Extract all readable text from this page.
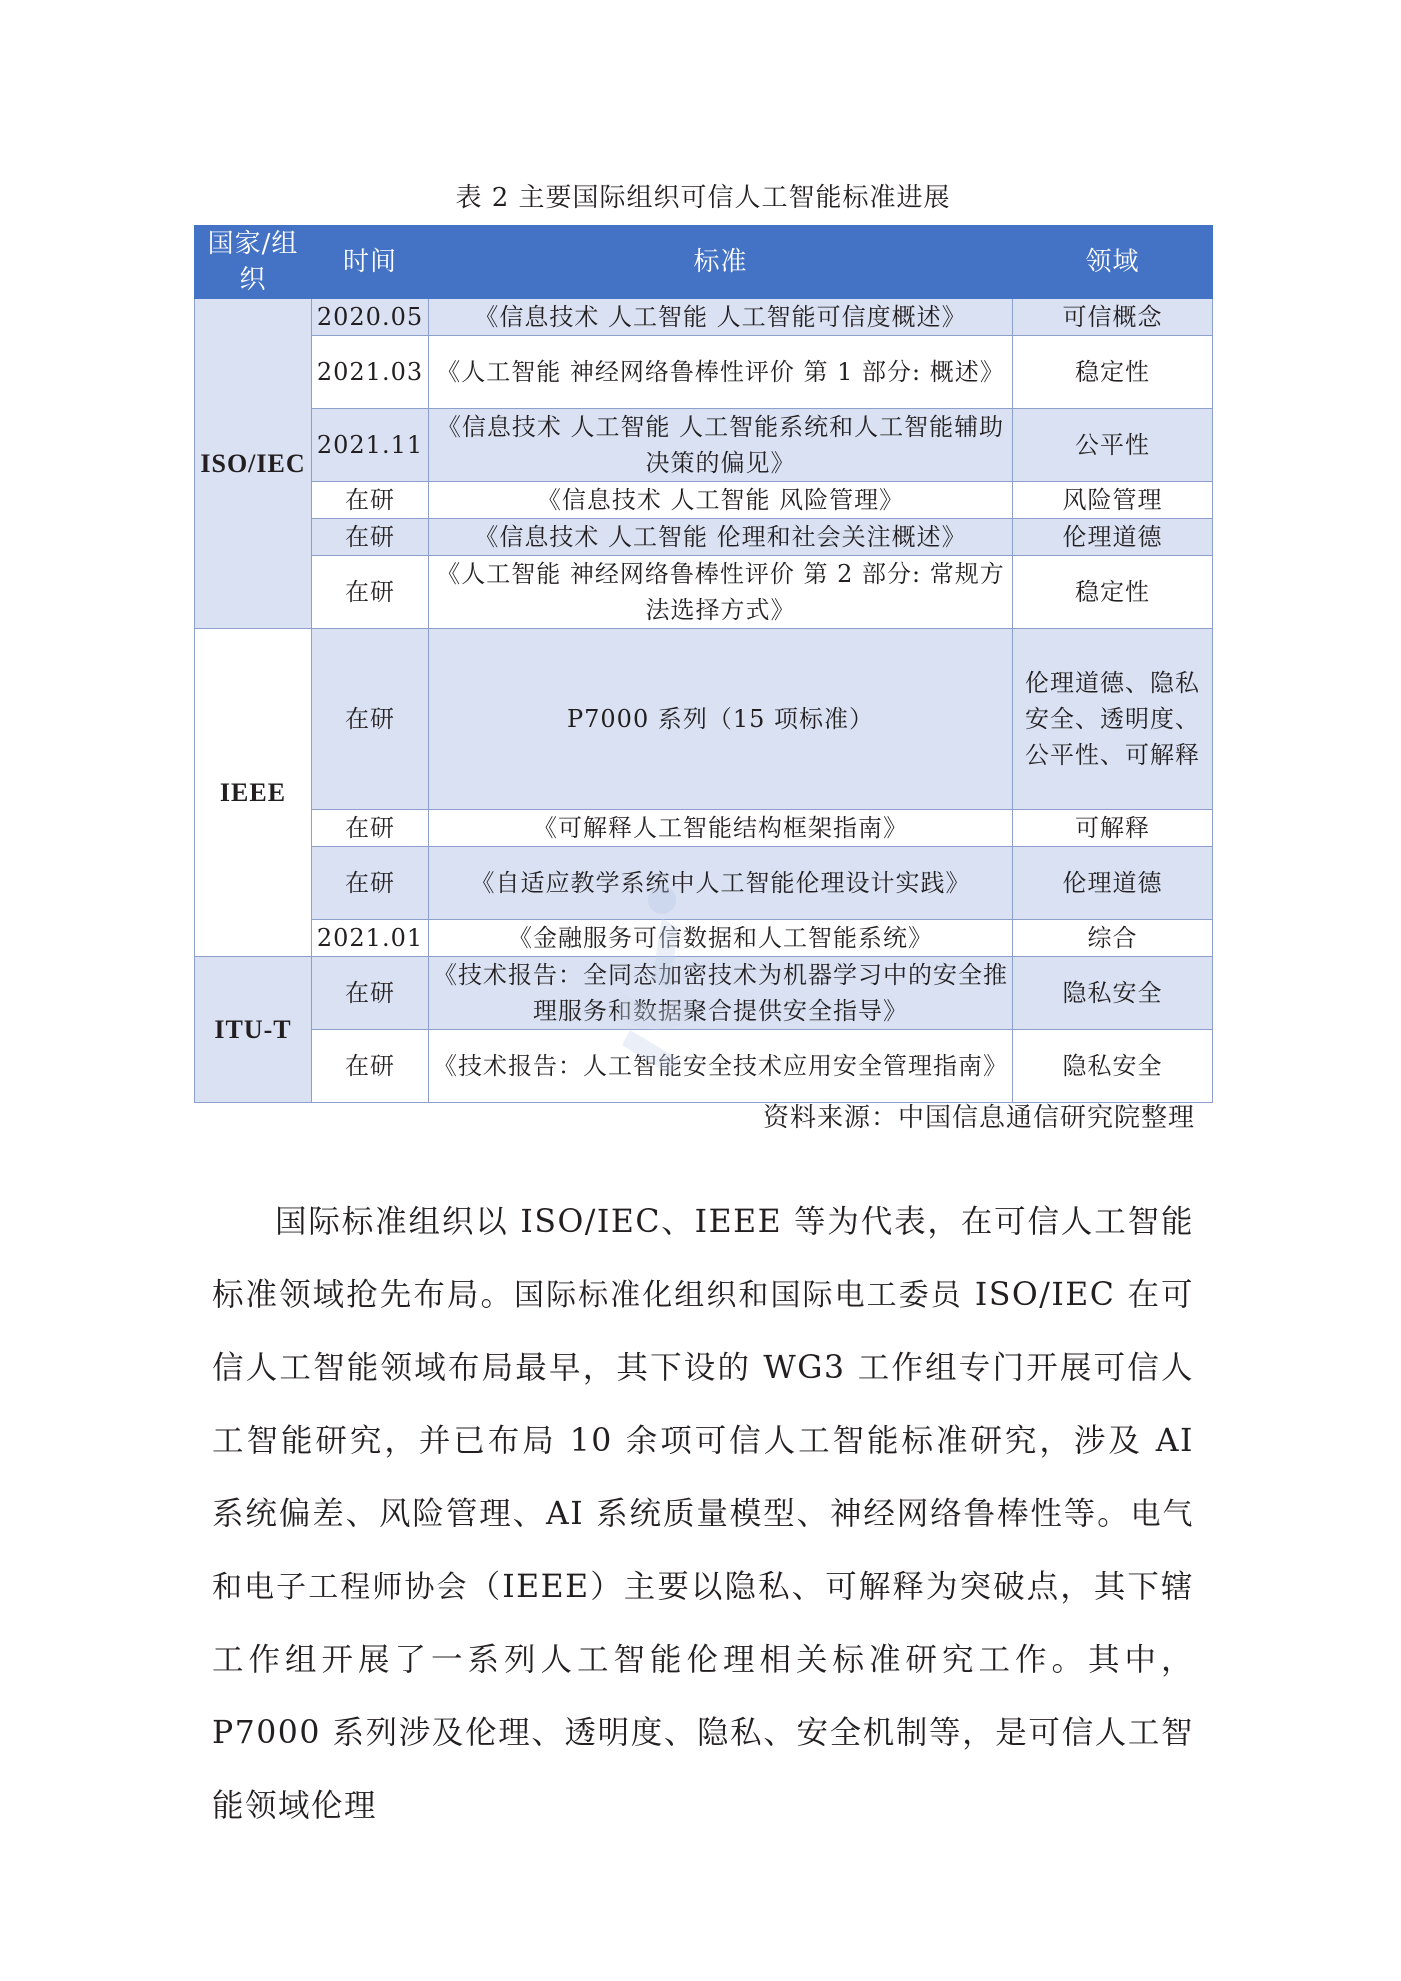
表 2 主要国际组织可信人工智能标准进展
国家/组织	时间	标准	领域
ISO/IEC	2020.05	《信息技术 人工智能 人工智能可信度概述》	可信概念
	2021.03	《人工智能 神经网络鲁棒性评价 第 1 部分: 概述》	稳定性
	2021.11	《信息技术 人工智能 人工智能系统和人工智能辅助决策的偏见》	公平性
	在研	《信息技术 人工智能 风险管理》	风险管理
	在研	《信息技术 人工智能 伦理和社会关注概述》	伦理道德
	在研	《人工智能 神经网络鲁棒性评价 第 2 部分: 常规方法选择方式》	稳定性
IEEE	在研	P7000 系列（15 项标准）	伦理道德、隐私安全、透明度、公平性、可解释
	在研	《可解释人工智能结构框架指南》	可解释
	在研	《自适应教学系统中人工智能伦理设计实践》	伦理道德
	2021.01	《金融服务可信数据和人工智能系统》	综合
ITU-T	在研	《技术报告：全同态加密技术为机器学习中的安全推理服务和数据聚合提供安全指导》	隐私安全
	在研	《技术报告：人工智能安全技术应用安全管理指南》	隐私安全
资料来源：中国信息通信研究院整理

国际标准组织以 ISO/IEC、IEEE 等为代表，在可信人工智能标准领域抢先布局。国际标准化组织和国际电工委员 ISO/IEC 在可信人工智能领域布局最早，其下设的 WG3 工作组专门开展可信人工智能研究，并已布局 10 余项可信人工智能标准研究，涉及 AI 系统偏差、风险管理、AI 系统质量模型、神经网络鲁棒性等。电气和电子工程师协会（IEEE）主要以隐私、可解释为突破点，其下辖工作组开展了一系列人工智能伦理相关标准研究工作。其中，P7000 系列涉及伦理、透明度、隐私、安全机制等，是可信人工智能领域伦理
